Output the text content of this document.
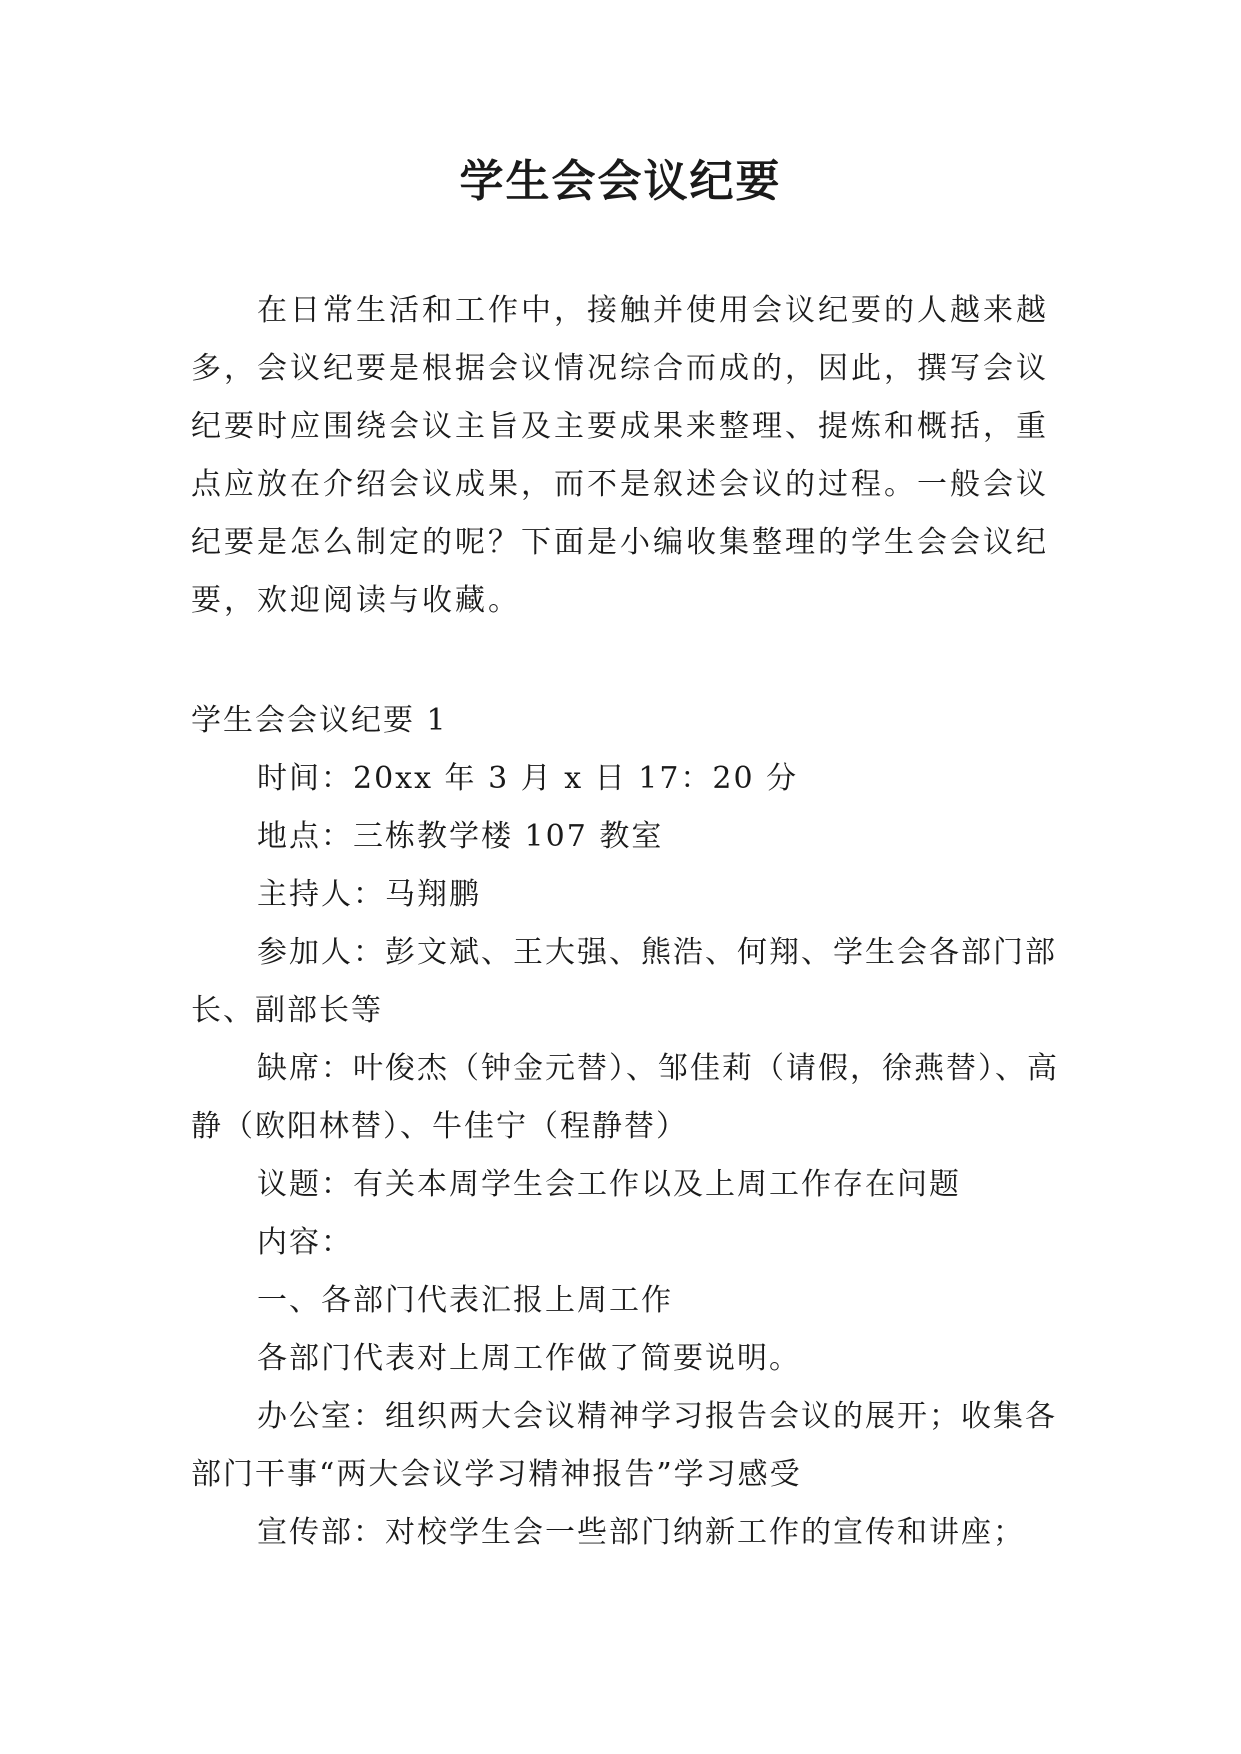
学生会会议纪要

在日常生活和工作中，接触并使用会议纪要的人越来越多，会议纪要是根据会议情况综合而成的，因此，撰写会议纪要时应围绕会议主旨及主要成果来整理、提炼和概括，重点应放在介绍会议成果，而不是叙述会议的过程。一般会议纪要是怎么制定的呢？下面是小编收集整理的学生会会议纪要，欢迎阅读与收藏。

学生会会议纪要 1

时间：20xx 年 3 月 x 日 17：20 分

地点：三栋教学楼 107 教室

主持人：马翔鹏

参加人：彭文斌、王大强、熊浩、何翔、学生会各部门部长、副部长等

缺席：叶俊杰（钟金元替）、邹佳莉（请假，徐燕替）、高静（欧阳林替）、牛佳宁（程静替）

议题：有关本周学生会工作以及上周工作存在问题

内容：

一、各部门代表汇报上周工作

各部门代表对上周工作做了简要说明。

办公室：组织两大会议精神学习报告会议的展开；收集各部门干事“两大会议学习精神报告”学习感受

宣传部：对校学生会一些部门纳新工作的宣传和讲座；
